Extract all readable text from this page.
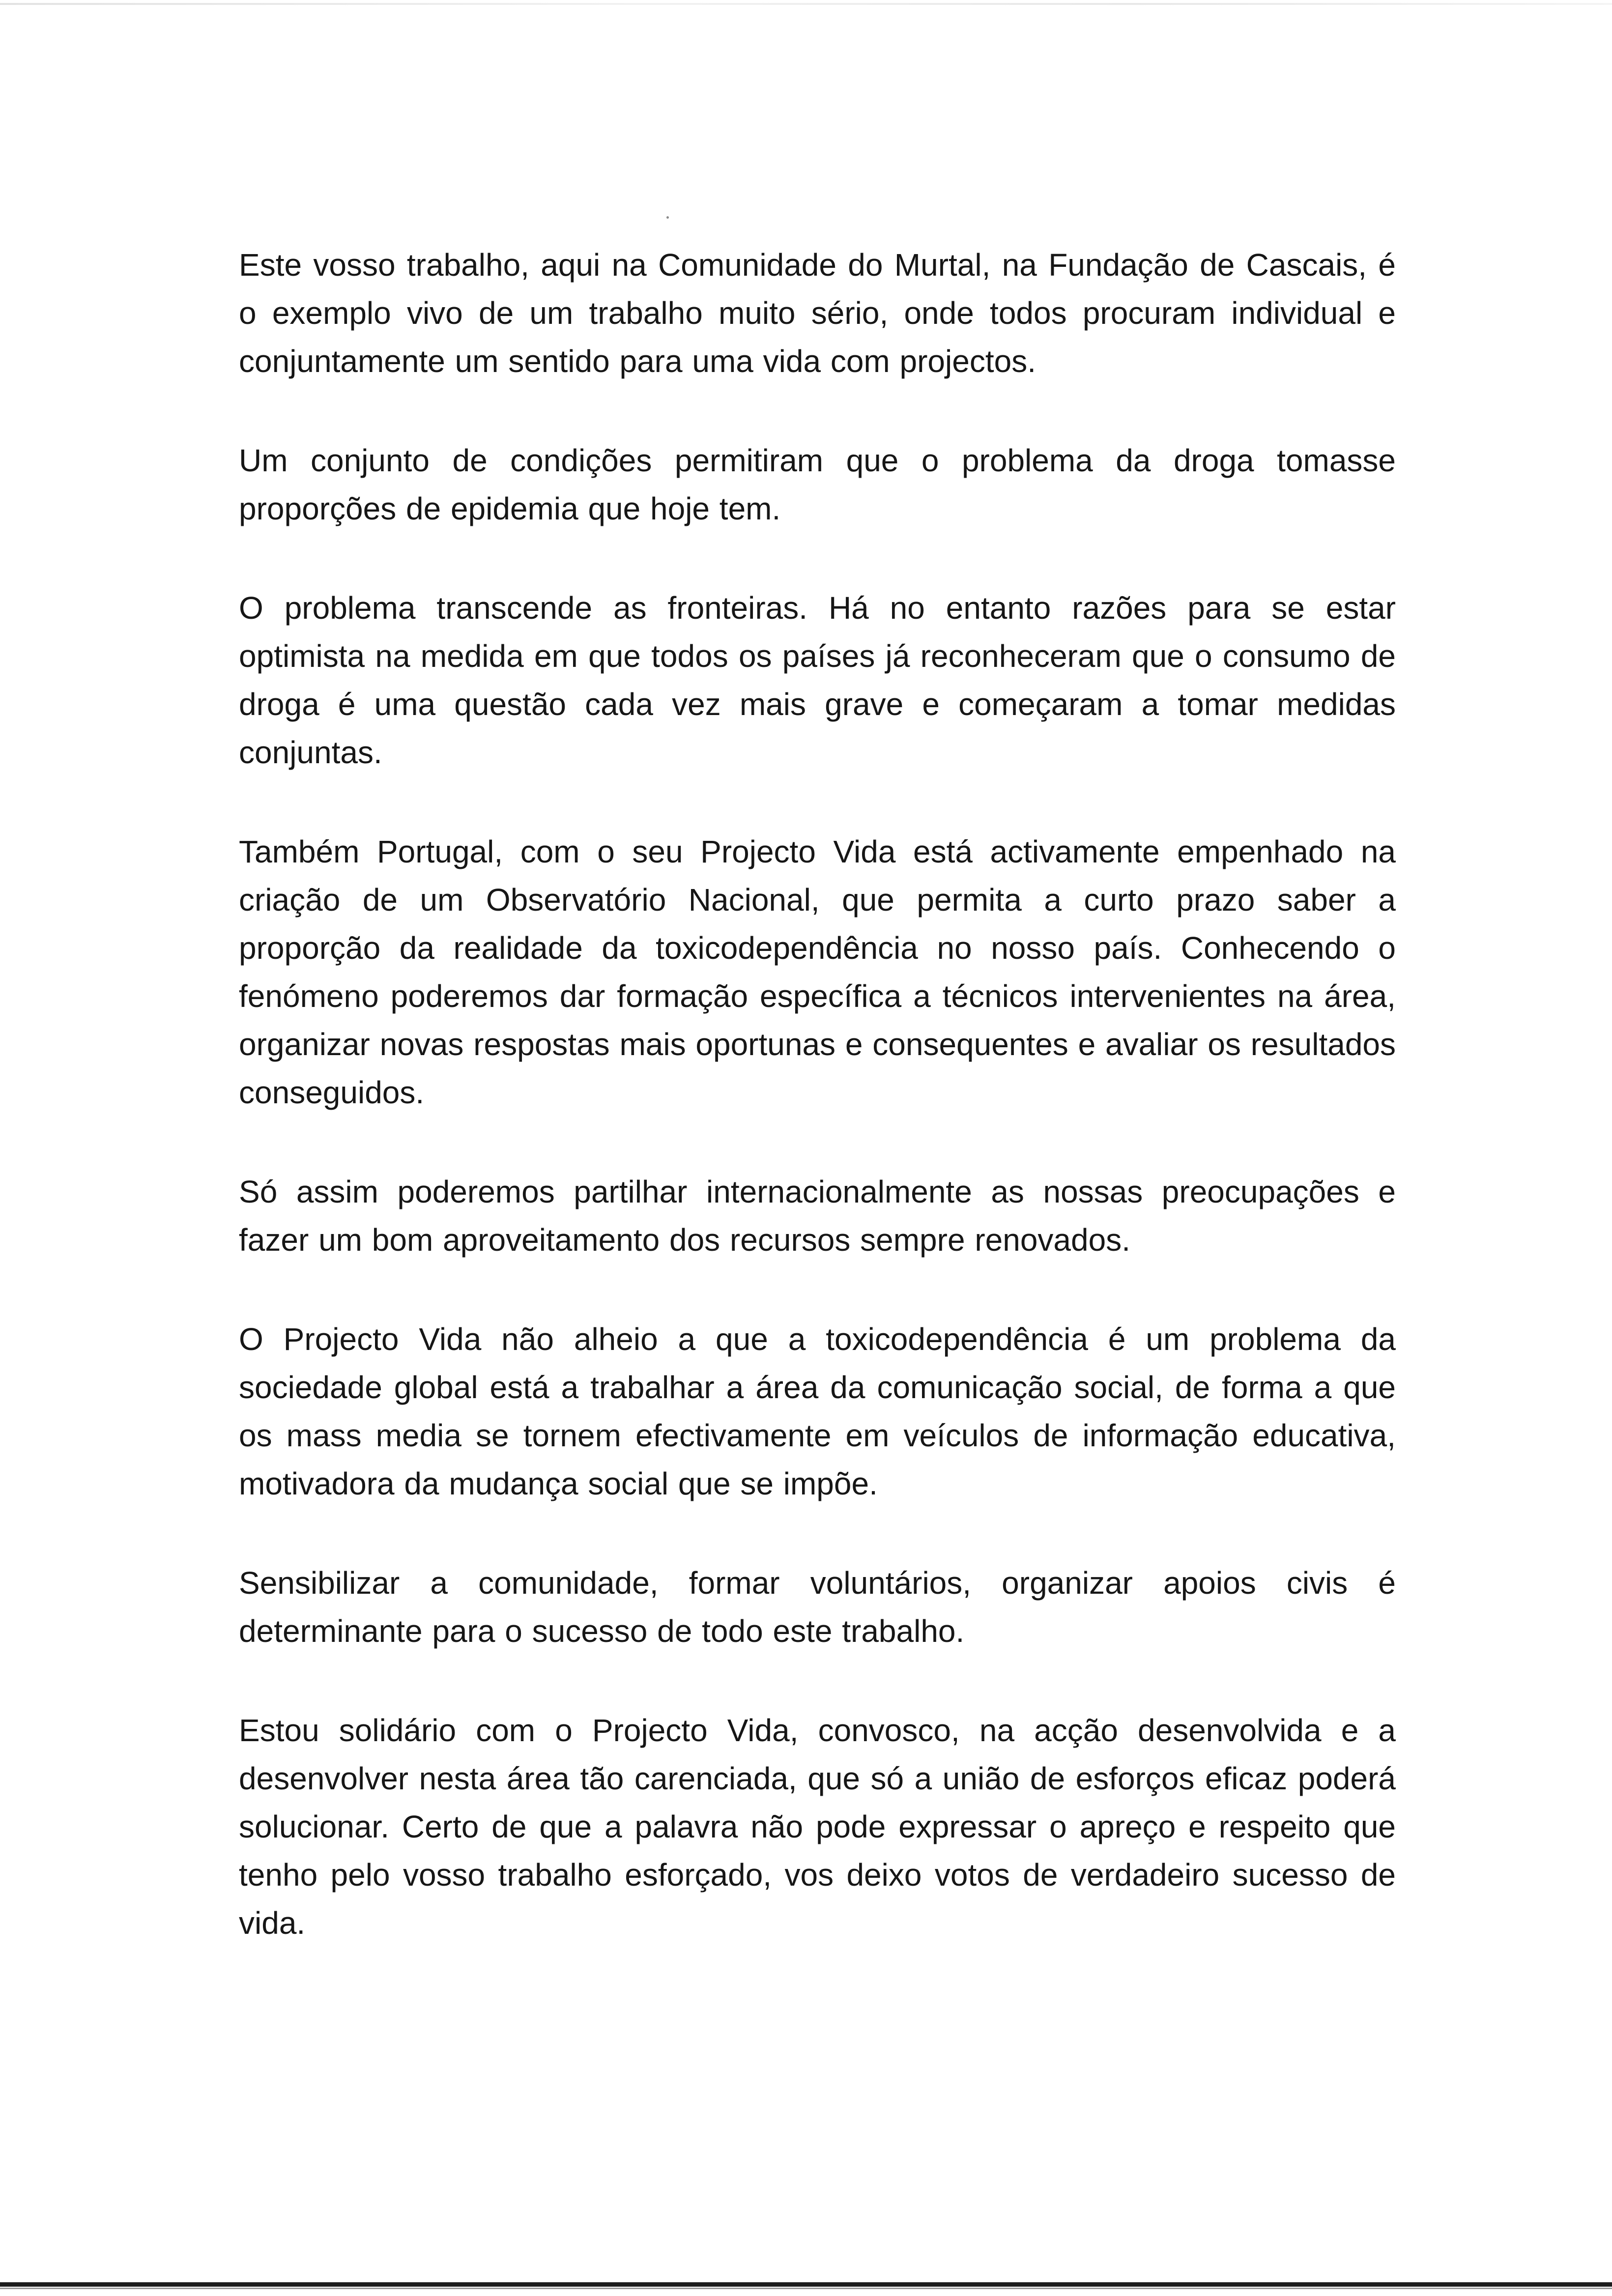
Este vosso trabalho, aqui na Comunidade do Murtal, na Fundação de Cascais, é o exemplo vivo de um trabalho muito sério, onde todos procuram individual e conjuntamente um sentido para uma vida com projectos.

Um conjunto de condições permitiram que o problema da droga tomasse proporções de epidemia que hoje tem.

O problema transcende as fronteiras. Há no entanto razões para se estar optimista na medida em que todos os países já reconheceram que o consumo de droga é uma questão cada vez mais grave e começaram a tomar medidas conjuntas.

Também Portugal, com o seu Projecto Vida está activamente empenhado na criação de um Observatório Nacional, que permita a curto prazo saber a proporção da realidade da toxicodependência no nosso país. Conhecendo o fenómeno poderemos dar formação específica a técnicos intervenientes na área, organizar novas respostas mais oportunas e consequentes e avaliar os resultados conseguidos.

Só assim poderemos partilhar internacionalmente as nossas preocupações e fazer um bom aproveitamento dos recursos sempre renovados.

O Projecto Vida não alheio a que a toxicodependência é um problema da sociedade global está a trabalhar a área da comunicação social, de forma a que os mass media se tornem efectivamente em veículos de informação educativa, motivadora da mudança social que se impõe.

Sensibilizar a comunidade, formar voluntários, organizar apoios civis é determinante para o sucesso de todo este trabalho.

Estou solidário com o Projecto Vida, convosco, na acção desenvolvida e a desenvolver nesta área tão carenciada, que só a união de esforços eficaz poderá solucionar. Certo de que a palavra não pode expressar o apreço e respeito que tenho pelo vosso trabalho esforçado, vos deixo votos de verdadeiro sucesso de vida.
